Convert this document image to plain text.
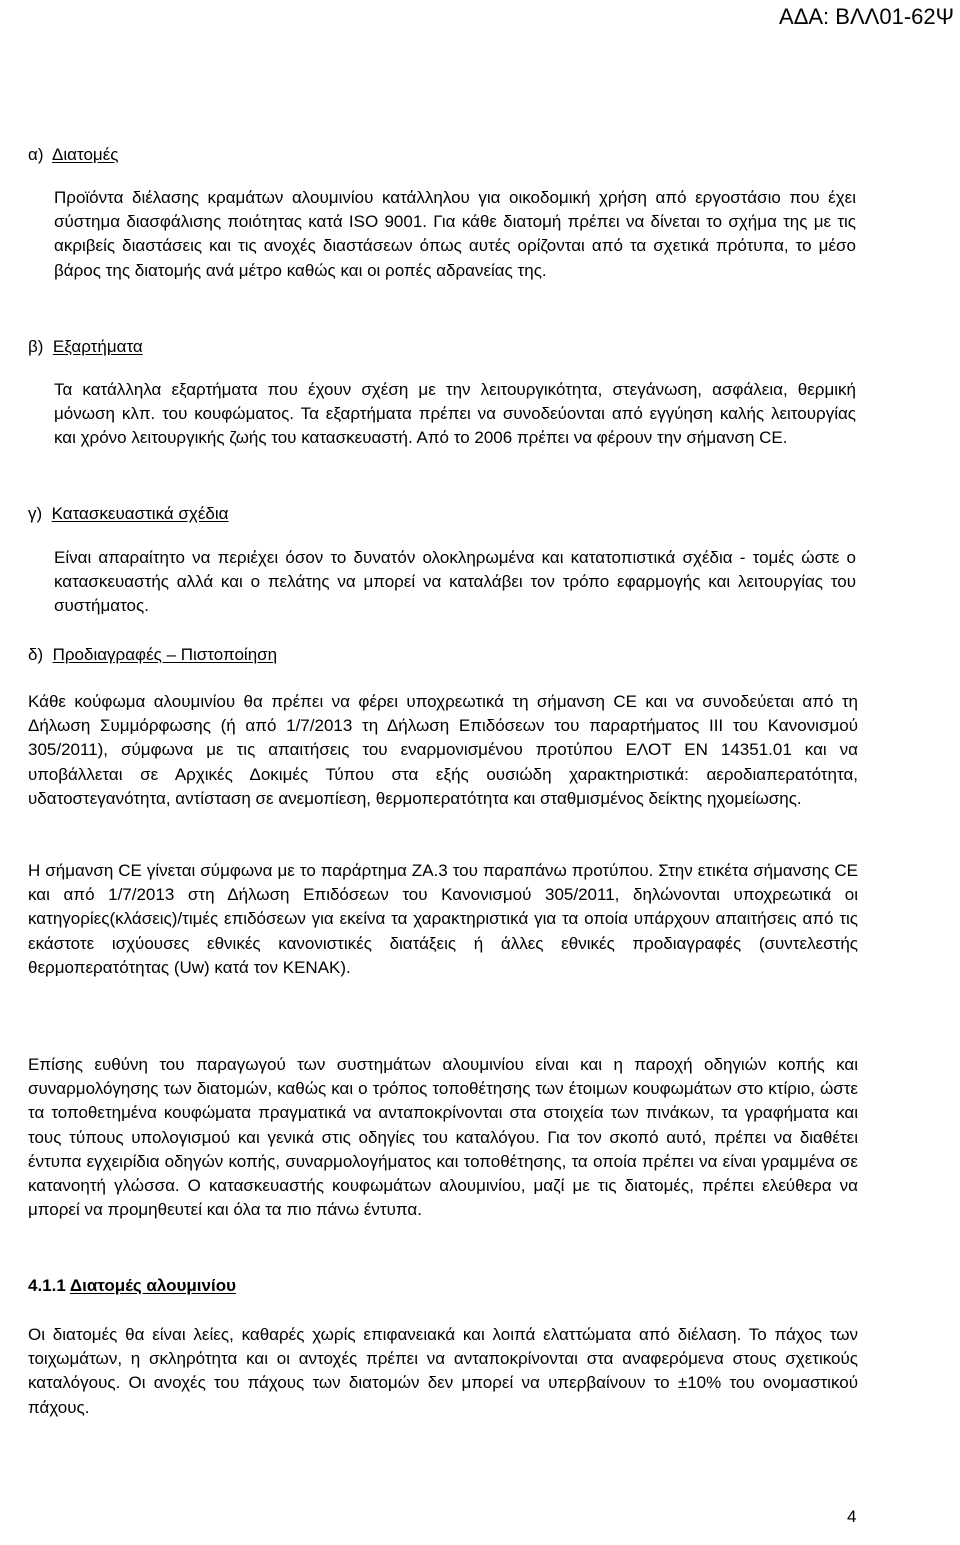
ΑΔΑ: ΒΛΛ01-62Ψ
α) Διατομές
Προϊόντα διέλασης κραμάτων αλουμινίου κατάλληλου για οικοδομική χρήση από εργοστάσιο που έχει σύστημα διασφάλισης ποιότητας κατά ISO 9001. Για κάθε διατομή πρέπει να δίνεται το σχήμα της με τις ακριβείς διαστάσεις και τις ανοχές διαστάσεων όπως αυτές ορίζονται από τα σχετικά πρότυπα, το μέσο βάρος της διατομής ανά μέτρο καθώς και οι ροπές αδρανείας της.
β) Εξαρτήματα
Τα κατάλληλα εξαρτήματα που έχουν σχέση με την λειτουργικότητα, στεγάνωση, ασφάλεια, θερμική μόνωση κλπ. του κουφώματος. Τα εξαρτήματα πρέπει να συνοδεύονται από εγγύηση καλής λειτουργίας και χρόνο λειτουργικής ζωής του κατασκευαστή. Από το 2006 πρέπει να φέρουν την σήμανση CE.
γ) Κατασκευαστικά σχέδια
Είναι απαραίτητο να περιέχει όσον το δυνατόν ολοκληρωμένα και κατατοπιστικά σχέδια - τομές ώστε ο κατασκευαστής αλλά και ο πελάτης να μπορεί να καταλάβει τον τρόπο εφαρμογής και λειτουργίας του συστήματος.
δ) Προδιαγραφές – Πιστοποίηση
Κάθε κούφωμα αλουμινίου θα πρέπει να φέρει υποχρεωτικά τη σήμανση CE και να συνοδεύεται από τη Δήλωση Συμμόρφωσης (ή από 1/7/2013 τη Δήλωση Επιδόσεων του παραρτήματος ΙΙΙ του Κανονισμού 305/2011), σύμφωνα με τις απαιτήσεις του εναρμονισμένου προτύπου ΕΛΟΤ ΕΝ 14351.01 και να υποβάλλεται σε Αρχικές Δοκιμές Τύπου στα εξής ουσιώδη χαρακτηριστικά: αεροδιαπερατότητα, υδατοστεγανότητα, αντίσταση σε ανεμοπίεση, θερμοπερατότητα και σταθμισμένος δείκτης ηχομείωσης.
Η σήμανση CE γίνεται σύμφωνα με το παράρτημα ΖΑ.3 του παραπάνω προτύπου. Στην ετικέτα σήμανσης CE και από 1/7/2013 στη Δήλωση Επιδόσεων του Κανονισμού 305/2011, δηλώνονται υποχρεωτικά οι κατηγορίες(κλάσεις)/τιμές επιδόσεων για εκείνα τα χαρακτηριστικά για τα οποία υπάρχουν απαιτήσεις από τις εκάστοτε ισχύουσες εθνικές κανονιστικές διατάξεις ή άλλες εθνικές προδιαγραφές (συντελεστής θερμοπερατότητας (Uw) κατά τον ΚΕΝΑΚ).
Επίσης ευθύνη του παραγωγού των συστημάτων αλουμινίου είναι και η παροχή οδηγιών κοπής και συναρμολόγησης των διατομών, καθώς και ο τρόπος τοποθέτησης των έτοιμων κουφωμάτων στο κτίριο, ώστε τα τοποθετημένα κουφώματα πραγματικά να ανταποκρίνονται στα στοιχεία των πινάκων, τα γραφήματα και τους τύπους υπολογισμού και γενικά στις οδηγίες του καταλόγου. Για τον σκοπό αυτό, πρέπει να διαθέτει έντυπα εγχειρίδια οδηγών κοπής, συναρμολογήματος και τοποθέτησης, τα οποία πρέπει να είναι γραμμένα σε κατανοητή γλώσσα. Ο κατασκευαστής κουφωμάτων αλουμινίου, μαζί με τις διατομές, πρέπει ελεύθερα να μπορεί να προμηθευτεί και όλα τα πιο πάνω έντυπα.
4.1.1 Διατομές αλουμινίου
Οι διατομές θα είναι λείες, καθαρές χωρίς επιφανειακά και λοιπά ελαττώματα από διέλαση. Το πάχος των τοιχωμάτων, η σκληρότητα και οι αντοχές πρέπει να ανταποκρίνονται στα αναφερόμενα στους σχετικούς καταλόγους. Οι ανοχές του πάχους των διατομών δεν μπορεί να υπερβαίνουν το ±10% του ονομαστικού πάχους.
4
